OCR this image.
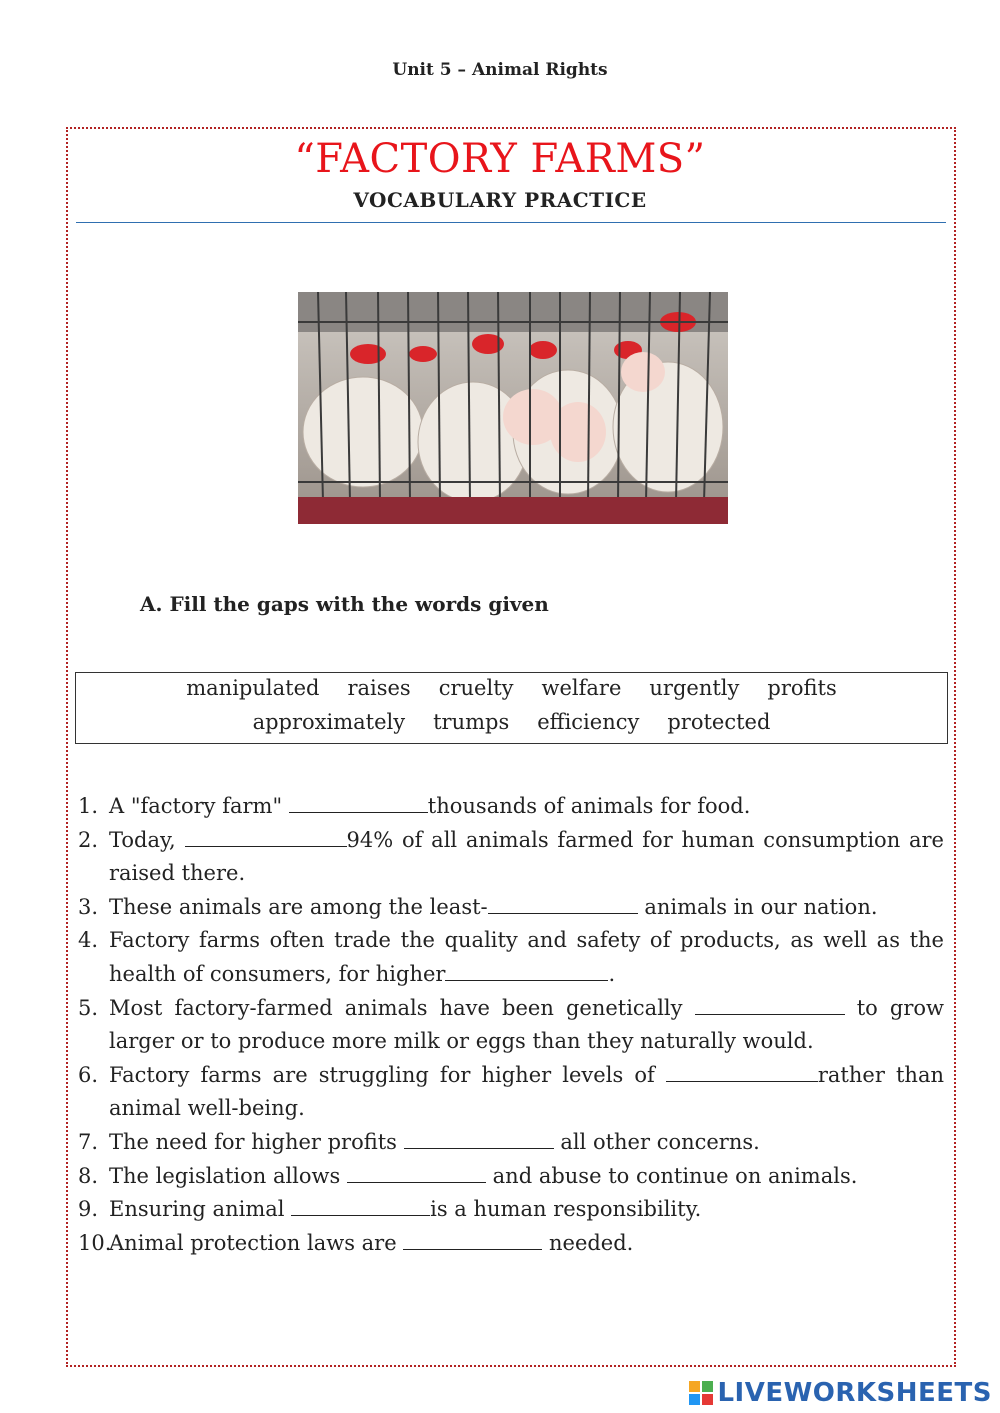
Unit 5 – Animal Rights
“FACTORY FARMS”
VOCABULARY PRACTICE
A. Fill the gaps with the words given
manipulated raises cruelty welfare urgently profits
approximately trumps efficiency protected
1. A "factory farm"	thousands of animals for food.
2. Today,	94% of all animals farmed for human consumption are raised there.
3. These animals are among the least-	animals in our nation.
4. Factory farms often trade the quality and safety of products, as well as the health of consumers, for higher	.
5. Most factory-farmed animals have been genetically	to grow larger or to produce more milk or eggs than they naturally would.
6. Factory farms are struggling for higher levels of	rather than animal well-being.
7. The need for higher profits	all other concerns.
8. The legislation allows	and abuse to continue on animals.
9. Ensuring animal	is a human responsibility.
10.
Animal protection laws are	needed.
LIVEWORKSHEETS
